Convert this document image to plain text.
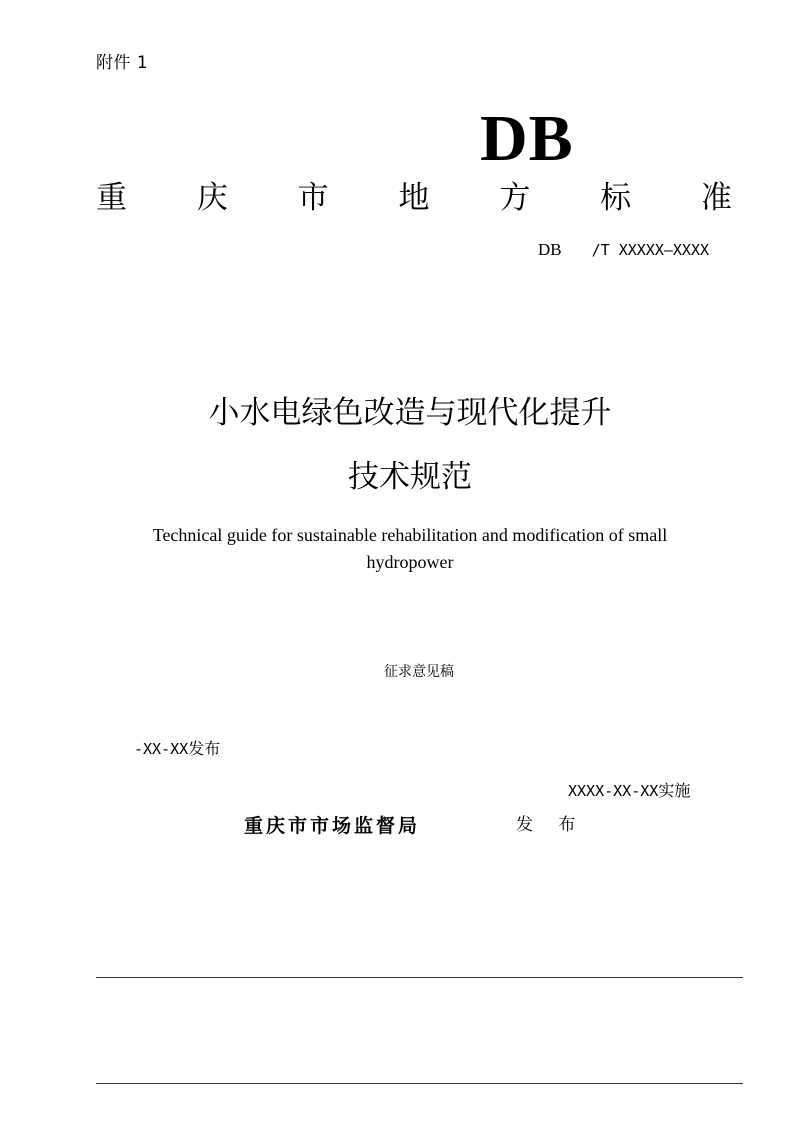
附件 1
DB
重 庆 市 地 方 标 准
DB /T XXXXX—XXXX
小水电绿色改造与现代化提升
技术规范
Technical guide for sustainable rehabilitation and modification of small hydropower
征求意见稿
-XX-XX发布
XXXX-XX-XX实施
重庆市市场监督局	发 布
